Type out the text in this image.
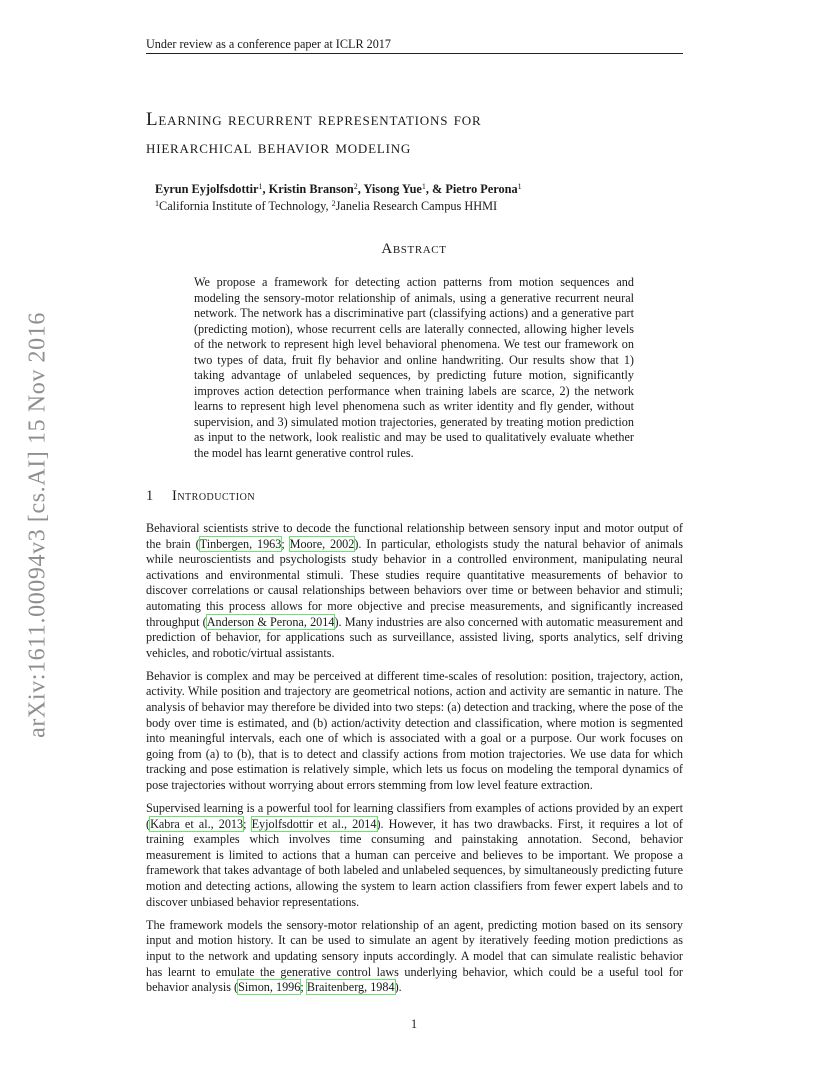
Under review as a conference paper at ICLR 2017
arXiv:1611.00094v3 [cs.AI] 15 Nov 2016
Learning recurrent representations for
hierarchical behavior modeling
Eyrun Eyjolfsdottir$^1$, Kristin Branson$^2$, Yisong Yue$^1$, & Pietro Perona$^1$
$^1$California Institute of Technology, $^2$Janelia Research Campus HHMI
Abstract
We propose a framework for detecting action patterns from motion sequences and modeling the sensory-motor relationship of animals, using a generative recurrent neural network. The network has a discriminative part (classifying actions) and a generative part (predicting motion), whose recurrent cells are laterally connected, allowing higher levels of the network to represent high level behavioral phenomena. We test our framework on two types of data, fruit fly behavior and online handwriting. Our results show that 1) taking advantage of unlabeled sequences, by predicting future motion, significantly improves action detection performance when training labels are scarce, 2) the network learns to represent high level phenomena such as writer identity and fly gender, without supervision, and 3) simulated motion trajectories, generated by treating motion prediction as input to the network, look realistic and may be used to qualitatively evaluate whether the model has learnt generative control rules.
1 Introduction

Behavioral scientists strive to decode the functional relationship between sensory input and motor output of the brain (Tinbergen, 1963; Moore, 2002). In particular, ethologists study the natural behavior of animals while neuroscientists and psychologists study behavior in a controlled environment, manipulating neural activations and environmental stimuli. These studies require quantitative measurements of behavior to discover correlations or causal relationships between behaviors over time or between behavior and stimuli; automating this process allows for more objective and precise measurements, and significantly increased throughput (Anderson & Perona, 2014). Many industries are also concerned with automatic measurement and prediction of behavior, for applications such as surveillance, assisted living, sports analytics, self driving vehicles, and robotic/virtual assistants.

Behavior is complex and may be perceived at different time-scales of resolution: position, trajectory, action, activity. While position and trajectory are geometrical notions, action and activity are semantic in nature. The analysis of behavior may therefore be divided into two steps: (a) detection and tracking, where the pose of the body over time is estimated, and (b) action/activity detection and classification, where motion is segmented into meaningful intervals, each one of which is associated with a goal or a purpose. Our work focuses on going from (a) to (b), that is to detect and classify actions from motion trajectories. We use data for which tracking and pose estimation is relatively simple, which lets us focus on modeling the temporal dynamics of pose trajectories without worrying about errors stemming from low level feature extraction.

Supervised learning is a powerful tool for learning classifiers from examples of actions provided by an expert (Kabra et al., 2013; Eyjolfsdottir et al., 2014). However, it has two drawbacks. First, it requires a lot of training examples which involves time consuming and painstaking annotation. Second, behavior measurement is limited to actions that a human can perceive and believes to be important. We propose a framework that takes advantage of both labeled and unlabeled sequences, by simultaneously predicting future motion and detecting actions, allowing the system to learn action classifiers from fewer expert labels and to discover unbiased behavior representations.

The framework models the sensory-motor relationship of an agent, predicting motion based on its sensory input and motion history. It can be used to simulate an agent by iteratively feeding motion predictions as input to the network and updating sensory inputs accordingly. A model that can simulate realistic behavior has learnt to emulate the generative control laws underlying behavior, which could be a useful tool for behavior analysis (Simon, 1996; Braitenberg, 1984).

1
